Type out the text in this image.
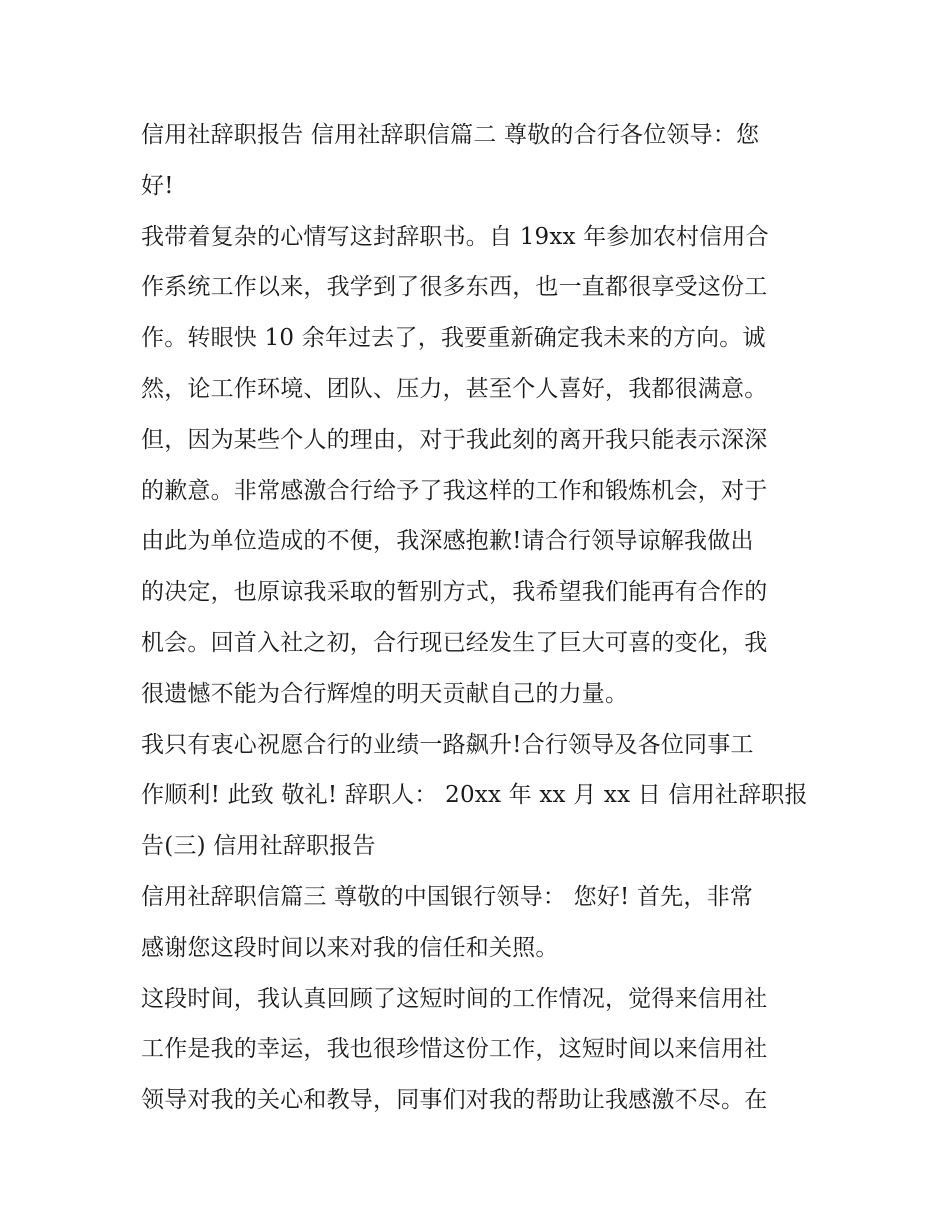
信用社辞职报告 信用社辞职信篇二 尊敬的合行各位领导：您
好!
我带着复杂的心情写这封辞职书。自 19xx 年参加农村信用合
作系统工作以来，我学到了很多东西，也一直都很享受这份工
作。转眼快 10 余年过去了，我要重新确定我未来的方向。诚
然，论工作环境、团队、压力，甚至个人喜好，我都很满意。
但，因为某些个人的理由，对于我此刻的离开我只能表示深深
的歉意。非常感激合行给予了我这样的工作和锻炼机会，对于
由此为单位造成的不便，我深感抱歉!请合行领导谅解我做出
的决定，也原谅我采取的暂别方式，我希望我们能再有合作的
机会。回首入社之初，合行现已经发生了巨大可喜的变化，我
很遗憾不能为合行辉煌的明天贡献自己的力量。
我只有衷心祝愿合行的业绩一路飙升!合行领导及各位同事工
作顺利! 此致 敬礼! 辞职人： 20xx 年 xx 月 xx 日 信用社辞职报
告(三) 信用社辞职报告
信用社辞职信篇三 尊敬的中国银行领导： 您好! 首先，非常
感谢您这段时间以来对我的信任和关照。
这段时间，我认真回顾了这短时间的工作情况，觉得来信用社
工作是我的幸运，我也很珍惜这份工作，这短时间以来信用社
领导对我的关心和教导，同事们对我的帮助让我感激不尽。在
